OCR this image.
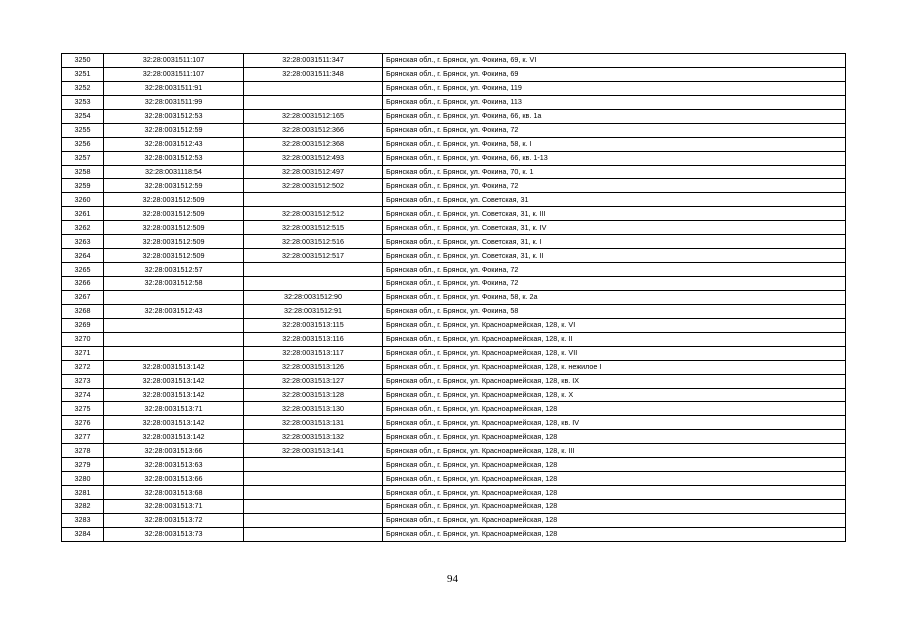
3250	32:28:0031511:107	32:28:0031511:347	Брянская обл., г. Брянск, ул. Фокина, 69, к. VI
3251	32:28:0031511:107	32:28:0031511:348	Брянская обл., г. Брянск, ул. Фокина, 69
3252	32:28:0031511:91		Брянская обл., г. Брянск, ул. Фокина, 119
3253	32:28:0031511:99		Брянская обл., г. Брянск, ул. Фокина, 113
3254	32:28:0031512:53	32:28:0031512:165	Брянская обл., г. Брянск, ул. Фокина, 66, кв. 1а
3255	32:28:0031512:59	32:28:0031512:366	Брянская обл., г. Брянск, ул. Фокина, 72
3256	32:28:0031512:43	32:28:0031512:368	Брянская обл., г. Брянск, ул. Фокина, 58, к. I
3257	32:28:0031512:53	32:28:0031512:493	Брянская обл., г. Брянск, ул. Фокина, 66, кв. 1-13
3258	32:28:0031118:54	32:28:0031512:497	Брянская обл., г. Брянск, ул. Фокина, 70, к. 1
3259	32:28:0031512:59	32:28:0031512:502	Брянская обл., г. Брянск, ул. Фокина, 72
3260	32:28:0031512:509		Брянская обл., г. Брянск, ул. Советская, 31
3261	32:28:0031512:509	32:28:0031512:512	Брянская обл., г. Брянск, ул. Советская, 31, к. III
3262	32:28:0031512:509	32:28:0031512:515	Брянская обл., г. Брянск, ул. Советская, 31, к. IV
3263	32:28:0031512:509	32:28:0031512:516	Брянская обл., г. Брянск, ул. Советская, 31, к. I
3264	32:28:0031512:509	32:28:0031512:517	Брянская обл., г. Брянск, ул. Советская, 31, к. II
3265	32:28:0031512:57		Брянская обл., г. Брянск, ул. Фокина, 72
3266	32:28:0031512:58		Брянская обл., г. Брянск, ул. Фокина, 72
3267		32:28:0031512:90	Брянская обл., г. Брянск, ул. Фокина, 58, к. 2а
3268	32:28:0031512:43	32:28:0031512:91	Брянская обл., г. Брянск, ул. Фокина, 58
3269		32:28:0031513:115	Брянская обл., г. Брянск, ул. Красноармейская, 128, к. VI
3270		32:28:0031513:116	Брянская обл., г. Брянск, ул. Красноармейская, 128, к. II
3271		32:28:0031513:117	Брянская обл., г. Брянск, ул. Красноармейская, 128, к. VII
3272	32:28:0031513:142	32:28:0031513:126	Брянская обл., г. Брянск, ул. Красноармейская, 128, к. нежилое I
3273	32:28:0031513:142	32:28:0031513:127	Брянская обл., г. Брянск, ул. Красноармейская, 128, кв. IX
3274	32:28:0031513:142	32:28:0031513:128	Брянская обл., г. Брянск, ул. Красноармейская, 128, к. X
3275	32:28:0031513:71	32:28:0031513:130	Брянская обл., г. Брянск, ул. Красноармейская, 128
3276	32:28:0031513:142	32:28:0031513:131	Брянская обл., г. Брянск, ул. Красноармейская, 128, кв. IV
3277	32:28:0031513:142	32:28:0031513:132	Брянская обл., г. Брянск, ул. Красноармейская, 128
3278	32:28:0031513:66	32:28:0031513:141	Брянская обл., г. Брянск, ул. Красноармейская, 128, к. III
3279	32:28:0031513:63		Брянская обл., г. Брянск, ул. Красноармейская, 128
3280	32:28:0031513:66		Брянская обл., г. Брянск, ул. Красноармейская, 128
3281	32:28:0031513:68		Брянская обл., г. Брянск, ул. Красноармейская, 128
3282	32:28:0031513:71		Брянская обл., г. Брянск, ул. Красноармейская, 128
3283	32:28:0031513:72		Брянская обл., г. Брянск, ул. Красноармейская, 128
3284	32:28:0031513:73		Брянская обл., г. Брянск, ул. Красноармейская, 128
94
